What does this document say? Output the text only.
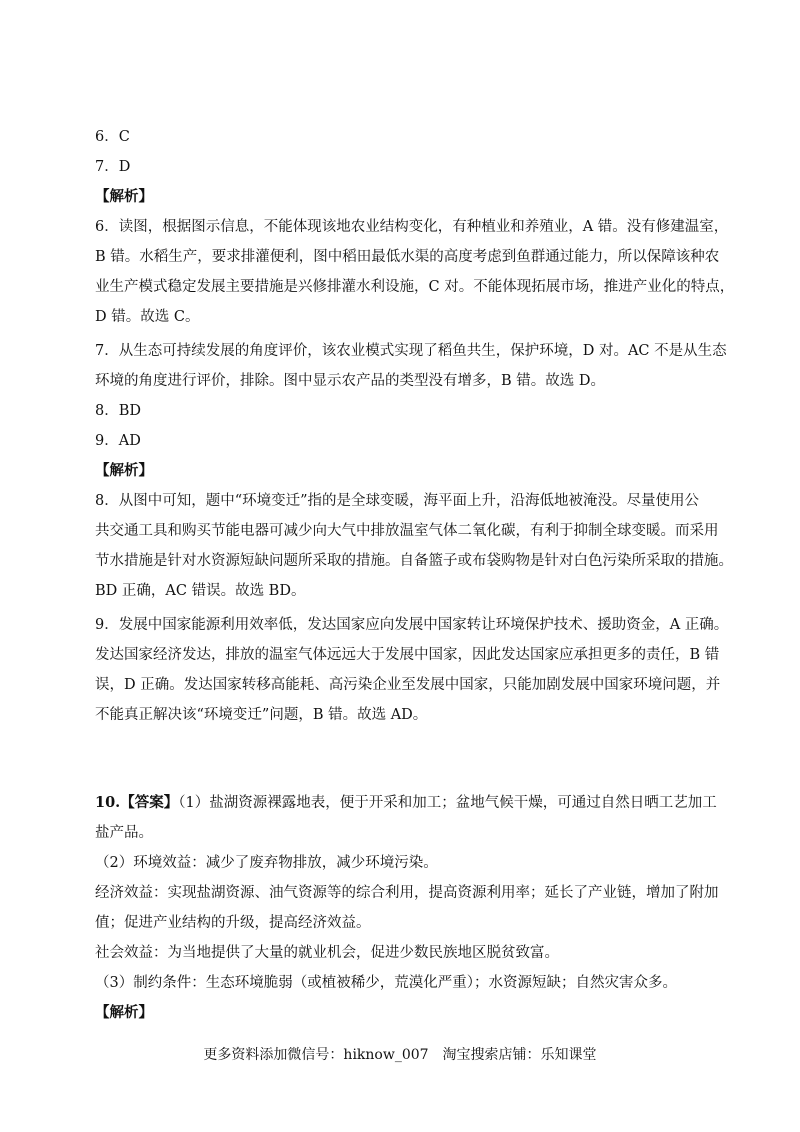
6．C
7．D
【解析】
6．读图，根据图示信息，不能体现该地农业结构变化，有种植业和养殖业，A 错。没有修建温室，
B 错。水稻生产，要求排灌便利，图中稻田最低水渠的高度考虑到鱼群通过能力，所以保障该种农
业生产模式稳定发展主要措施是兴修排灌水利设施，C 对。不能体现拓展市场，推进产业化的特点，
D 错。故选 C。
7．从生态可持续发展的角度评价，该农业模式实现了稻鱼共生，保护环境，D 对。AC 不是从生态
环境的角度进行评价，排除。图中显示农产品的类型没有增多，B 错。故选 D。
8．BD
9．AD
【解析】
8．从图中可知，题中“环境变迁”指的是全球变暖，海平面上升，沿海低地被淹没。尽量使用公
共交通工具和购买节能电器可减少向大气中排放温室气体二氧化碳，有利于抑制全球变暖。而采用
节水措施是针对水资源短缺问题所采取的措施。自备篮子或布袋购物是针对白色污染所采取的措施。
BD 正确，AC 错误。故选 BD。
9．发展中国家能源利用效率低，发达国家应向发展中国家转让环境保护技术、援助资金，A 正确。
发达国家经济发达，排放的温室气体远远大于发展中国家，因此发达国家应承担更多的责任，B 错
误，D 正确。发达国家转移高能耗、高污染企业至发展中国家，只能加剧发展中国家环境问题，并
不能真正解决该“环境变迁”问题，B 错。故选 AD。
10.【答案】（1）盐湖资源裸露地表，便于开采和加工；盆地气候干燥，可通过自然日晒工艺加工
盐产品。
（2）环境效益：减少了废弃物排放，减少环境污染。
经济效益：实现盐湖资源、油气资源等的综合利用，提高资源利用率；延长了产业链，增加了附加
值；促进产业结构的升级，提高经济效益。
社会效益：为当地提供了大量的就业机会，促进少数民族地区脱贫致富。
（3）制约条件：生态环境脆弱（或植被稀少，荒漠化严重）；水资源短缺；自然灾害众多。
【解析】
更多资料添加微信号：hiknow_007　淘宝搜索店铺：乐知课堂
